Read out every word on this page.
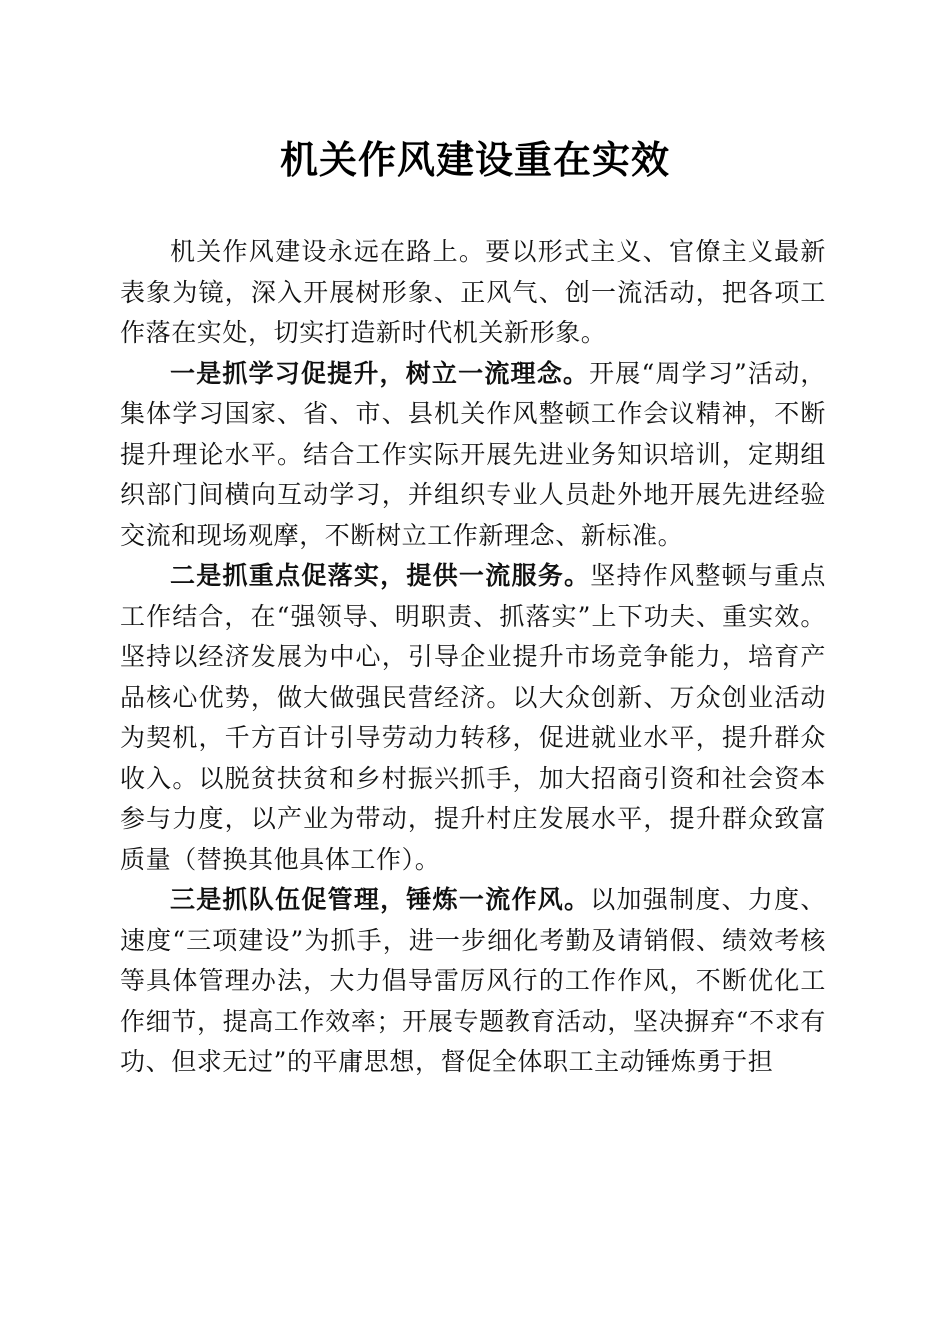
机关作风建设重在实效

机关作风建设永远在路上。要以形式主义、官僚主义最新表象为镜，深入开展树形象、正风气、创一流活动，把各项工作落在实处，切实打造新时代机关新形象。

一是抓学习促提升，树立一流理念。开展“周学习”活动，集体学习国家、省、市、县机关作风整顿工作会议精神，不断提升理论水平。结合工作实际开展先进业务知识培训，定期组织部门间横向互动学习，并组织专业人员赴外地开展先进经验交流和现场观摩，不断树立工作新理念、新标准。

二是抓重点促落实，提供一流服务。坚持作风整顿与重点工作结合，在“强领导、明职责、抓落实”上下功夫、重实效。坚持以经济发展为中心，引导企业提升市场竞争能力，培育产品核心优势，做大做强民营经济。以大众创新、万众创业活动为契机，千方百计引导劳动力转移，促进就业水平，提升群众收入。以脱贫扶贫和乡村振兴抓手，加大招商引资和社会资本参与力度，以产业为带动，提升村庄发展水平，提升群众致富质量（替换其他具体工作）。

三是抓队伍促管理，锤炼一流作风。以加强制度、力度、速度“三项建设”为抓手，进一步细化考勤及请销假、绩效考核等具体管理办法，大力倡导雷厉风行的工作作风，不断优化工作细节，提高工作效率；开展专题教育活动，坚决摒弃“不求有功、但求无过”的平庸思想，督促全体职工主动锤炼勇于担
